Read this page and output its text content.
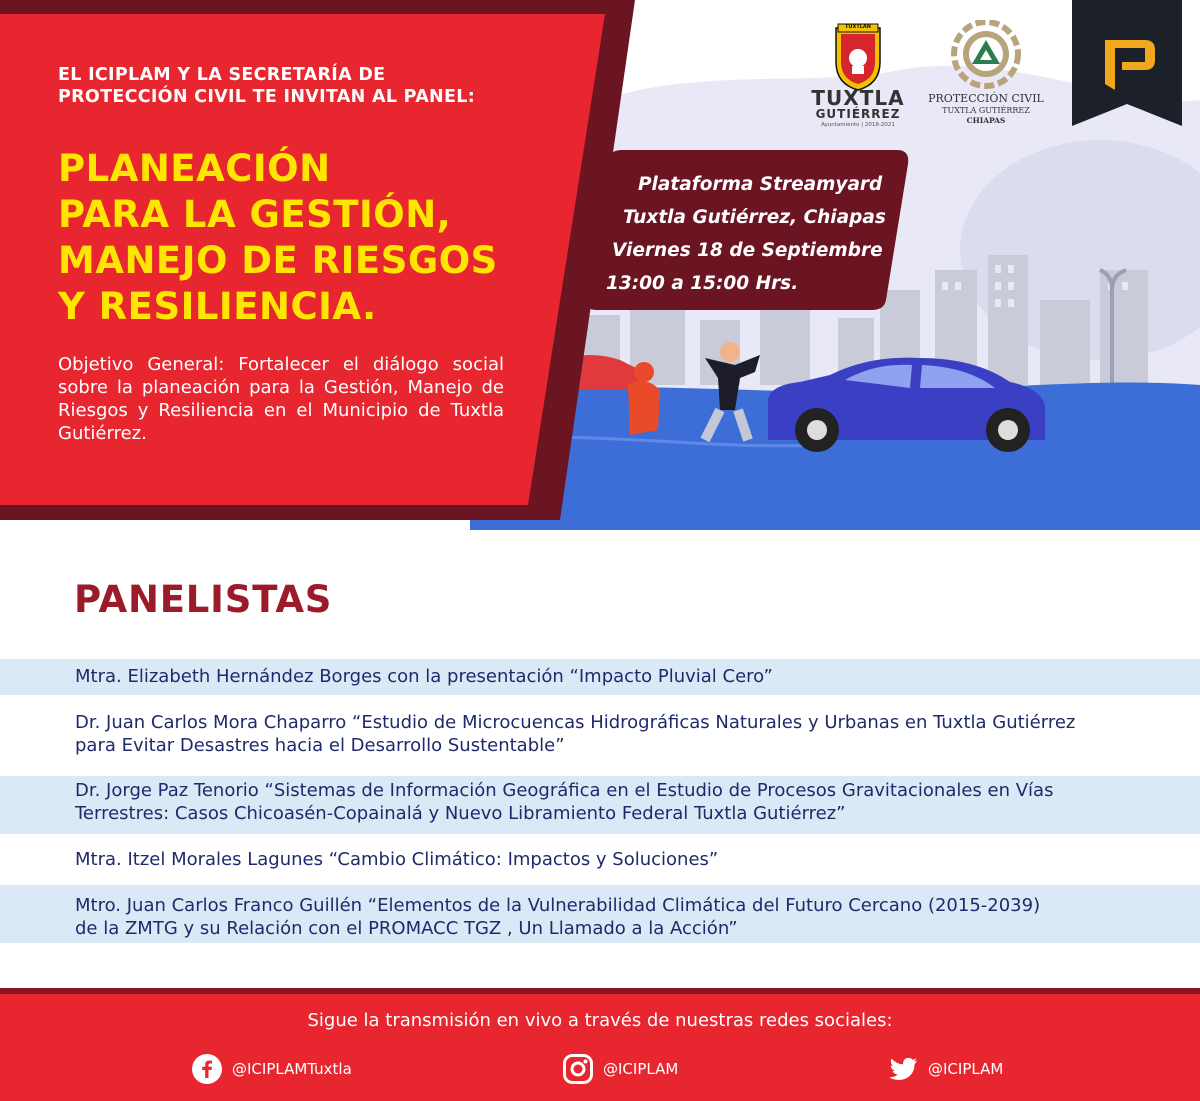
EL ICIPLAM Y LA SECRETARÍA DE PROTECCIÓN CIVIL TE INVITAN AL PANEL:
PLANEACIÓN
PARA LA GESTIÓN,
MANEJO DE RIESGOS
Y RESILIENCIA.
Objetivo General: Fortalecer el diálogo social sobre la planeación para la Gestión, Manejo de Riesgos y Resiliencia en el Municipio de Tuxtla Gutiérrez.
Plataforma Streamyard
Tuxtla Gutiérrez, Chiapas
Viernes 18 de Septiembre
13:00 a 15:00 Hrs.
TUXTLAN
TUXTLA
GUTIÉRREZ
Ayuntamiento | 2018-2021
PROTECCIÓN CIVIL
TUXTLA GUTIÉRREZ
CHIAPAS
PANELISTAS
Mtra. Elizabeth Hernández Borges con la presentación “Impacto Pluvial Cero”
Dr. Juan Carlos Mora Chaparro “Estudio de Microcuencas Hidrográficas Naturales y Urbanas en Tuxtla Gutiérrez
para Evitar Desastres hacia el Desarrollo Sustentable”
Dr. Jorge Paz Tenorio “Sistemas de Información Geográfica en el Estudio de Procesos Gravitacionales en Vías
Terrestres: Casos Chicoasén-Copainalá y Nuevo Libramiento Federal Tuxtla Gutiérrez”
Mtra. Itzel Morales Lagunes “Cambio Climático: Impactos y Soluciones”
Mtro. Juan Carlos Franco Guillén “Elementos de la Vulnerabilidad Climática del Futuro Cercano (2015-2039)
de la ZMTG y su Relación con el PROMACC TGZ , Un Llamado a la Acción”
Sigue la transmisión en vivo a través de nuestras redes sociales:
@ICIPLAMTuxtla	@ICIPLAM	@ICIPLAM
